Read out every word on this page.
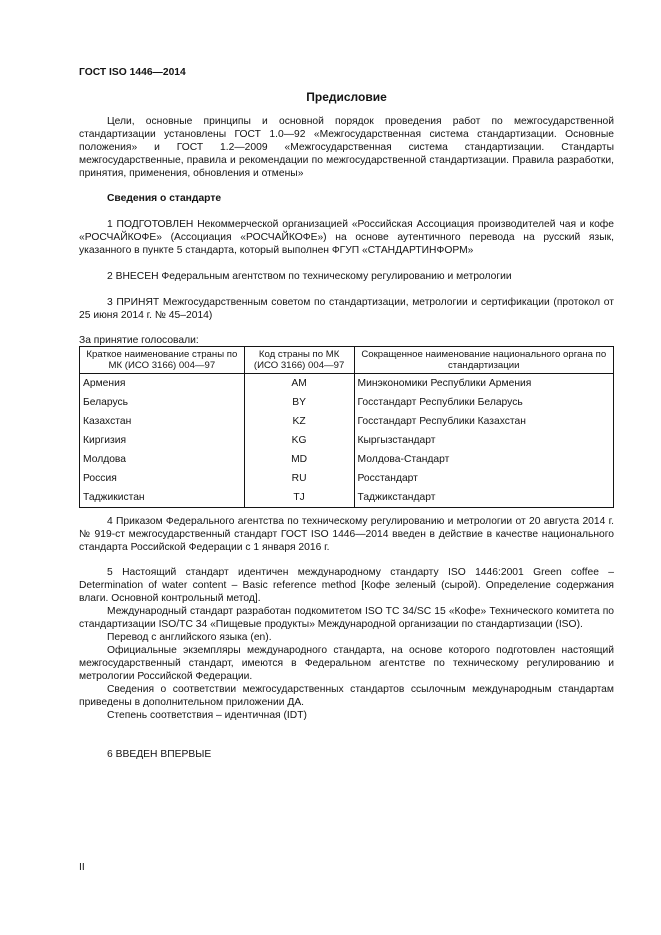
ГОСТ ISO 1446—2014
Предисловие

Цели, основные принципы и основной порядок проведения работ по межгосударственной стандартизации установлены ГОСТ 1.0—92 «Межгосударственная система стандартизации. Основные положения» и ГОСТ 1.2—2009 «Межгосударственная система стандартизации. Стандарты межгосударственные, правила и рекомендации по межгосударственной стандартизации. Правила разработки, принятия, применения, обновления и отмены»

Сведения о стандарте

1 ПОДГОТОВЛЕН Некоммерческой организацией «Российская Ассоциация производителей чая и кофе «РОСЧАЙКОФЕ» (Ассоциация «РОСЧАЙКОФЕ») на основе аутентичного перевода на русский язык, указанного в пункте 5 стандарта, который выполнен ФГУП «СТАНДАРТИНФОРМ»

2 ВНЕСЕН Федеральным агентством по техническому регулированию и метрологии

3 ПРИНЯТ Межгосударственным советом по стандартизации, метрологии и сертификации (протокол от 25 июня 2014 г. № 45–2014)

За принятие голосовали:
Краткое наименование страны по МК (ИСО 3166) 004—97	Код страны по МК (ИСО 3166) 004—97	Сокращенное наименование национального органа по стандартизации
Армения	AM	Минэкономики Республики Армения
Беларусь	BY	Госстандарт Республики Беларусь
Казахстан	KZ	Госстандарт Республики Казахстан
Киргизия	KG	Кыргызстандарт
Молдова	MD	Молдова-Стандарт
Россия	RU	Росстандарт
Таджикистан	TJ	Таджикстандарт

4 Приказом Федерального агентства по техническому регулированию и метрологии от 20 августа 2014 г. № 919-ст межгосударственный стандарт ГОСТ ISO 1446—2014 введен в действие в качестве национального стандарта Российской Федерации с 1 января 2016 г.

5 Настоящий стандарт идентичен международному стандарту ISO 1446:2001 Green coffee – Determination of water content – Basic reference method [Кофе зеленый (сырой). Определение содержания влаги. Основной контрольный метод].

Международный стандарт разработан подкомитетом ISO TC 34/SC 15 «Кофе» Технического комитета по стандартизации ISO/TC 34 «Пищевые продукты» Международной организации по стандартизации (ISO).

Перевод с английского языка (en).

Официальные экземпляры международного стандарта, на основе которого подготовлен настоящий межгосударственный стандарт, имеются в Федеральном агентстве по техническому регулированию и метрологии Российской Федерации.

Сведения о соответствии межгосударственных стандартов ссылочным международным стандартам приведены в дополнительном приложении ДА.

Степень соответствия – идентичная (IDT)

6 ВВЕДЕН ВПЕРВЫЕ

II
